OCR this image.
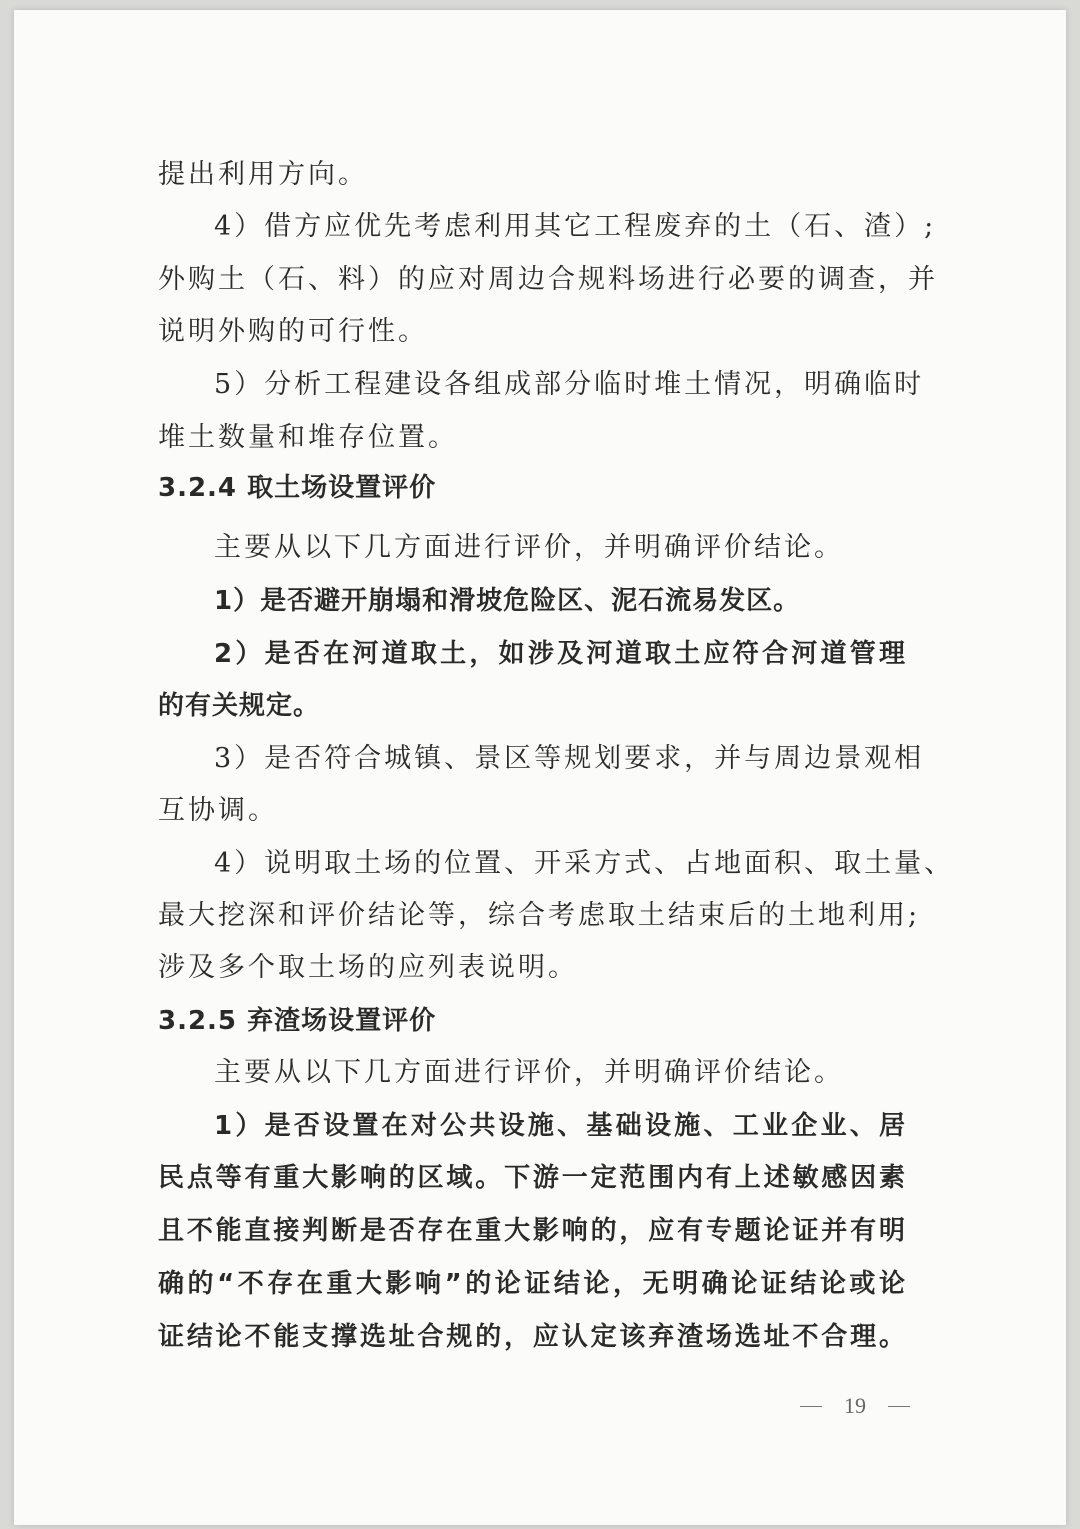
提出利用方向。
4）借方应优先考虑利用其它工程废弃的土（石、渣）;
外购土（石、料）的应对周边合规料场进行必要的调查，并
说明外购的可行性。
5）分析工程建设各组成部分临时堆土情况，明确临时
堆土数量和堆存位置。
3.2.4 取土场设置评价
主要从以下几方面进行评价，并明确评价结论。
1）是否避开崩塌和滑坡危险区、泥石流易发区。
2）是否在河道取土，如涉及河道取土应符合河道管理
的有关规定。
3）是否符合城镇、景区等规划要求，并与周边景观相
互协调。
4）说明取土场的位置、开采方式、占地面积、取土量、
最大挖深和评价结论等，综合考虑取土结束后的土地利用;
涉及多个取土场的应列表说明。
3.2.5 弃渣场设置评价
主要从以下几方面进行评价，并明确评价结论。
1）是否设置在对公共设施、基础设施、工业企业、居
民点等有重大影响的区域。下游一定范围内有上述敏感因素
且不能直接判断是否存在重大影响的，应有专题论证并有明
确的“不存在重大影响”的论证结论，无明确论证结论或论
证结论不能支撑选址合规的，应认定该弃渣场选址不合理。
19
